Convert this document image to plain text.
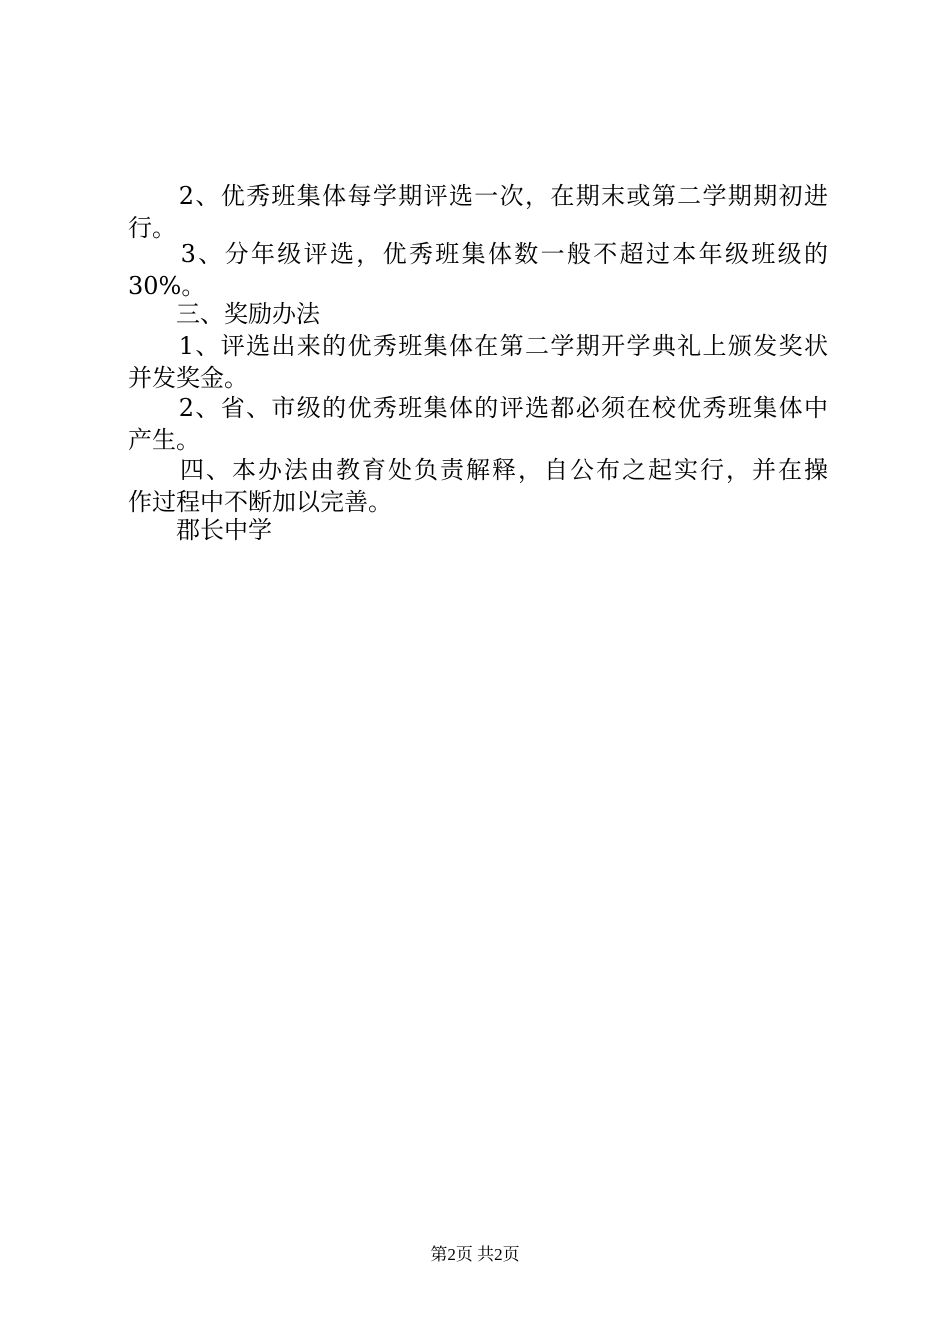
　　2、优秀班集体每学期评选一次，在期末或第二学期期初进
行。
　　3、分年级评选，优秀班集体数一般不超过本年级班级的
30%。
　　三、奖励办法
　　1、评选出来的优秀班集体在第二学期开学典礼上颁发奖状
并发奖金。
　　2、省、市级的优秀班集体的评选都必须在校优秀班集体中
产生。
　　四、本办法由教育处负责解释，自公布之起实行，并在操
作过程中不断加以完善。
　　郡长中学
第2页 共2页
